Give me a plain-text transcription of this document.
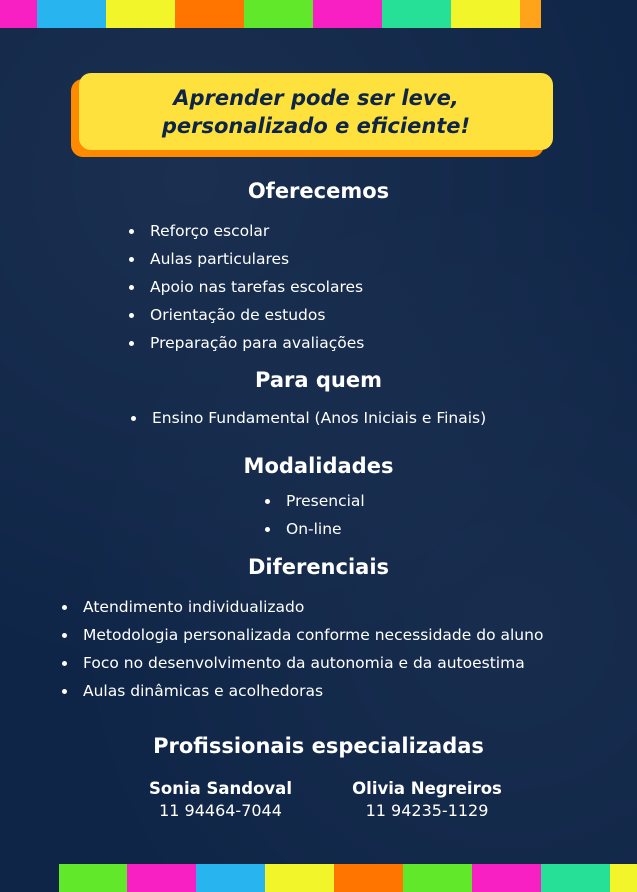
Aprender pode ser leve,
personalizado e eficiente!
Oferecemos
Reforço escolar
Aulas particulares
Apoio nas tarefas escolares
Orientação de estudos
Preparação para avaliações
Para quem
Ensino Fundamental (Anos Iniciais e Finais)
Modalidades
Presencial
On-line
Diferenciais
Atendimento individualizado
Metodologia personalizada conforme necessidade do aluno
Foco no desenvolvimento da autonomia e da autoestima
Aulas dinâmicas e acolhedoras
Profissionais especializadas
Sonia Sandoval
11 94464-7044
Olivia Negreiros
11 94235-1129
